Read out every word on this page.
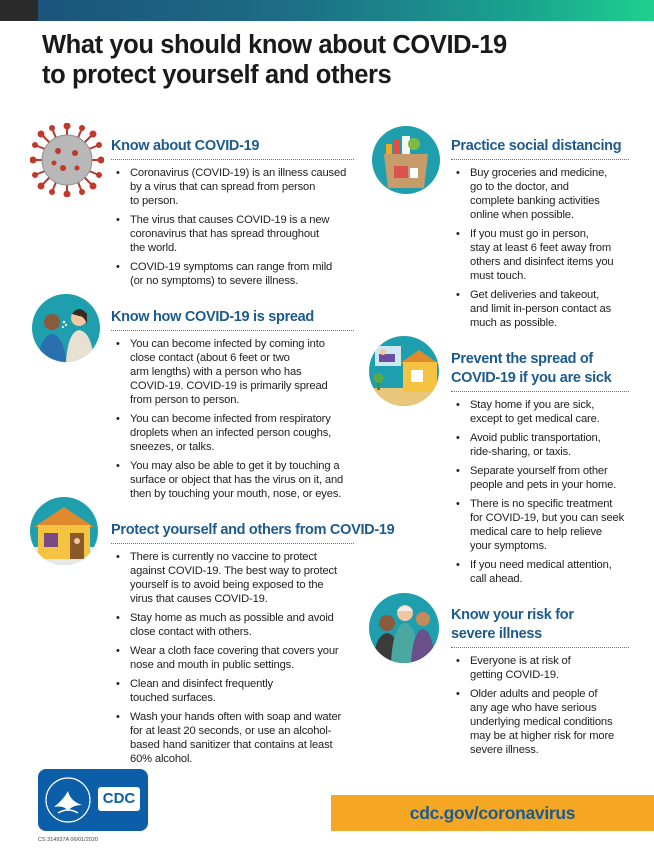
What you should know about COVID-19
to protect yourself and others
Know about COVID-19
• Coronavirus (COVID-19) is an illness caused
by a virus that can spread from person
to person.
• The virus that causes COVID-19 is a new
coronavirus that has spread throughout
the world.
• COVID-19 symptoms can range from mild
(or no symptoms) to severe illness.
Know how COVID-19 is spread
• You can become infected by coming into
close contact (about 6 feet or two
arm lengths) with a person who has
COVID-19. COVID-19 is primarily spread
from person to person.
• You can become infected from respiratory
droplets when an infected person coughs,
sneezes, or talks.
• You may also be able to get it by touching a
surface or object that has the virus on it, and
then by touching your mouth, nose, or eyes.
Protect yourself and others from COVID-19
• There is currently no vaccine to protect
against COVID-19. The best way to protect
yourself is to avoid being exposed to the
virus that causes COVID-19.
• Stay home as much as possible and avoid
close contact with others.
• Wear a cloth face covering that covers your
nose and mouth in public settings.
• Clean and disinfect frequently
touched surfaces.
• Wash your hands often with soap and water
for at least 20 seconds, or use an alcohol-
based hand sanitizer that contains at least
60% alcohol.
Practice social distancing
• Buy groceries and medicine,
go to the doctor, and
complete banking activities
online when possible.
• If you must go in person,
stay at least 6 feet away from
others and disinfect items you
must touch.
• Get deliveries and takeout,
and limit in-person contact as
much as possible.
Prevent the spread of
COVID-19 if you are sick
• Stay home if you are sick,
except to get medical care.
• Avoid public transportation,
ride-sharing, or taxis.
• Separate yourself from other
people and pets in your home.
• There is no specific treatment
for COVID-19, but you can seek
medical care to help relieve
your symptoms.
• If you need medical attention,
call ahead.
Know your risk for
severe illness
• Everyone is at risk of
getting COVID-19.
• Older adults and people of
any age who have serious
underlying medical conditions
may be at higher risk for more
severe illness.
CDC
cdc.gov/coronavirus
CS 314937A 06/01/2020
